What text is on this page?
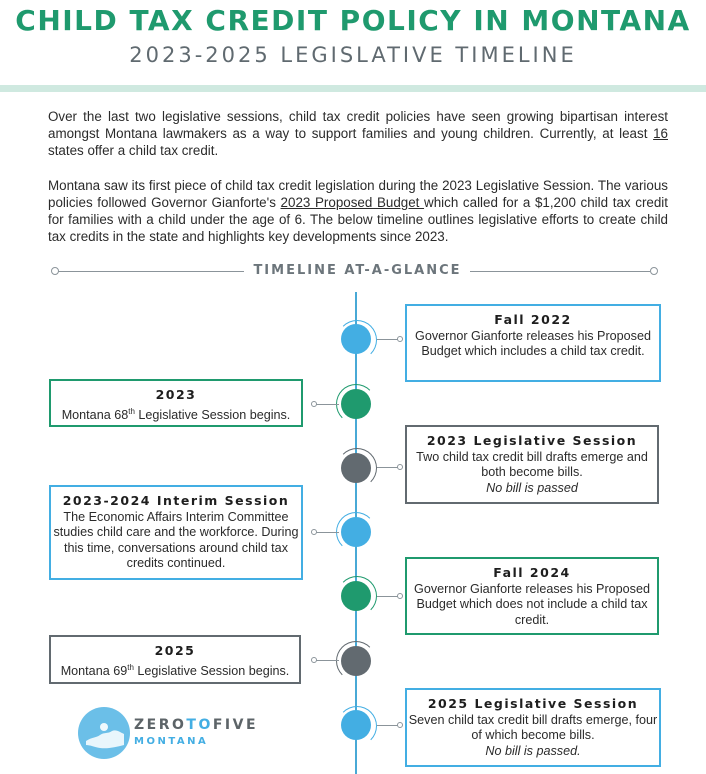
CHILD TAX CREDIT POLICY IN MONTANA
2023-2025 LEGISLATIVE TIMELINE
Over the last two legislative sessions, child tax credit policies have seen growing bipartisan interest amongst Montana lawmakers as a way to support families and young children. Currently, at least 16 states offer a child tax credit.
Montana saw its first piece of child tax credit legislation during the 2023 Legislative Session. The various policies followed Governor Gianforte's 2023 Proposed Budget which called for a $1,200 child tax credit for families with a child under the age of 6. The below timeline outlines legislative efforts to create child tax credits in the state and highlights key developments since 2023.
TIMELINE AT-A-GLANCE
Fall 2022
Governor Gianforte releases his Proposed Budget which includes a child tax credit.
2023
Montana 68th Legislative Session begins.
2023 Legislative Session
Two child tax credit bill drafts emerge and both become bills.
No bill is passed
2023-2024 Interim Session
The Economic Affairs Interim Committee studies child care and the workforce. During this time, conversations around child tax credits continued.
Fall 2024
Governor Gianforte releases his Proposed Budget which does not include a child tax credit.
2025
Montana 69th Legislative Session begins.
2025 Legislative Session
Seven child tax credit bill drafts emerge, four of which become bills.
No bill is passed.
ZEROTOFIVE
MONTANA
